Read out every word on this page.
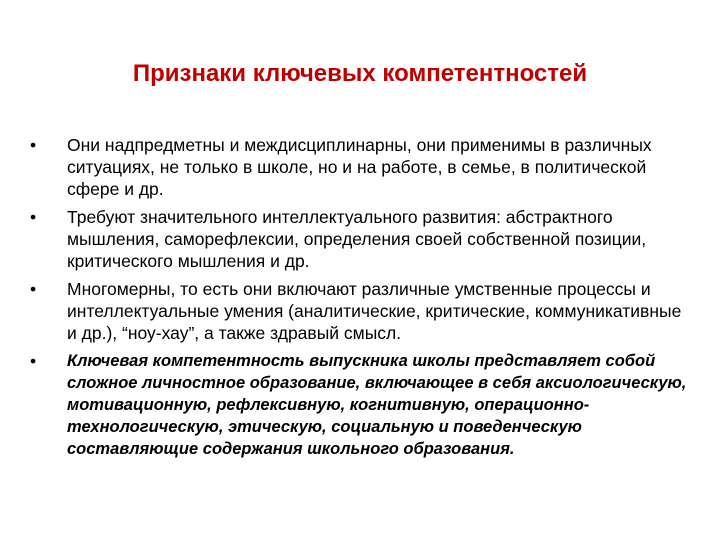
Признаки ключевых компетентностей
•	Они надпредметны и междисциплинарны, они применимы в различных ситуациях, не только в школе, но и на работе, в семье, в политической сфере и др.
•	Требуют значительного интеллектуального развития: абстрактного мышления, саморефлексии, определения своей собственной позиции, критического мышления и др.
•	Многомерны, то есть они включают различные умственные процессы и интеллектуальные умения (аналитические, критические, коммуникативные и др.), “ноу-хау”, а также здравый смысл.
•	Ключевая компетентность выпускника школы представляет собой сложное личностное образование, включающее в себя аксиологическую, мотивационную, рефлексивную, когнитивную, операционно-технологическую, этическую, социальную и поведенческую составляющие содержания школьного образования.
